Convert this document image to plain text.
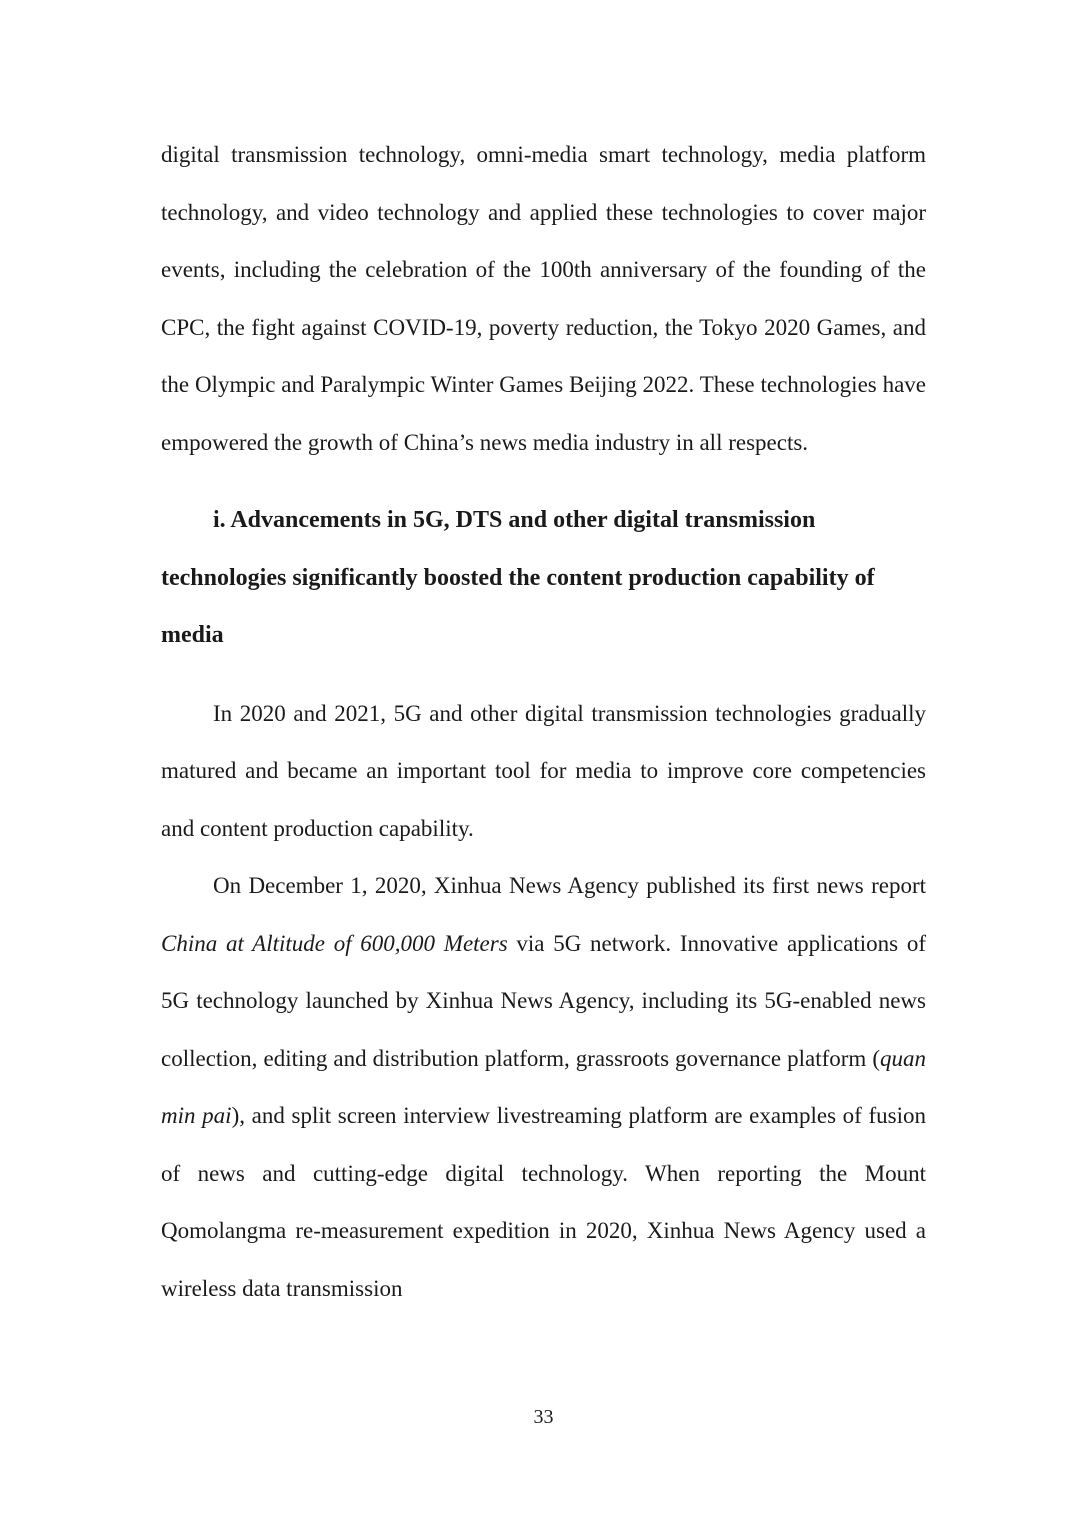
digital transmission technology, omni-media smart technology, media platform technology, and video technology and applied these technologies to cover major events, including the celebration of the 100th anniversary of the founding of the CPC, the fight against COVID-19, poverty reduction, the Tokyo 2020 Games, and the Olympic and Paralympic Winter Games Beijing 2022. These technologies have empowered the growth of China’s news media industry in all respects.

i. Advancements in 5G, DTS and other digital transmission technologies significantly boosted the content production capability of media

In 2020 and 2021, 5G and other digital transmission technologies gradually matured and became an important tool for media to improve core competencies and content production capability.

On December 1, 2020, Xinhua News Agency published its first news report China at Altitude of 600,000 Meters via 5G network. Innovative applications of 5G technology launched by Xinhua News Agency, including its 5G-enabled news collection, editing and distribution platform, grassroots governance platform (quan min pai), and split screen interview livestreaming platform are examples of fusion of news and cutting-edge digital technology. When reporting the Mount Qomolangma re-measurement expedition in 2020, Xinhua News Agency used a wireless data transmission

33
